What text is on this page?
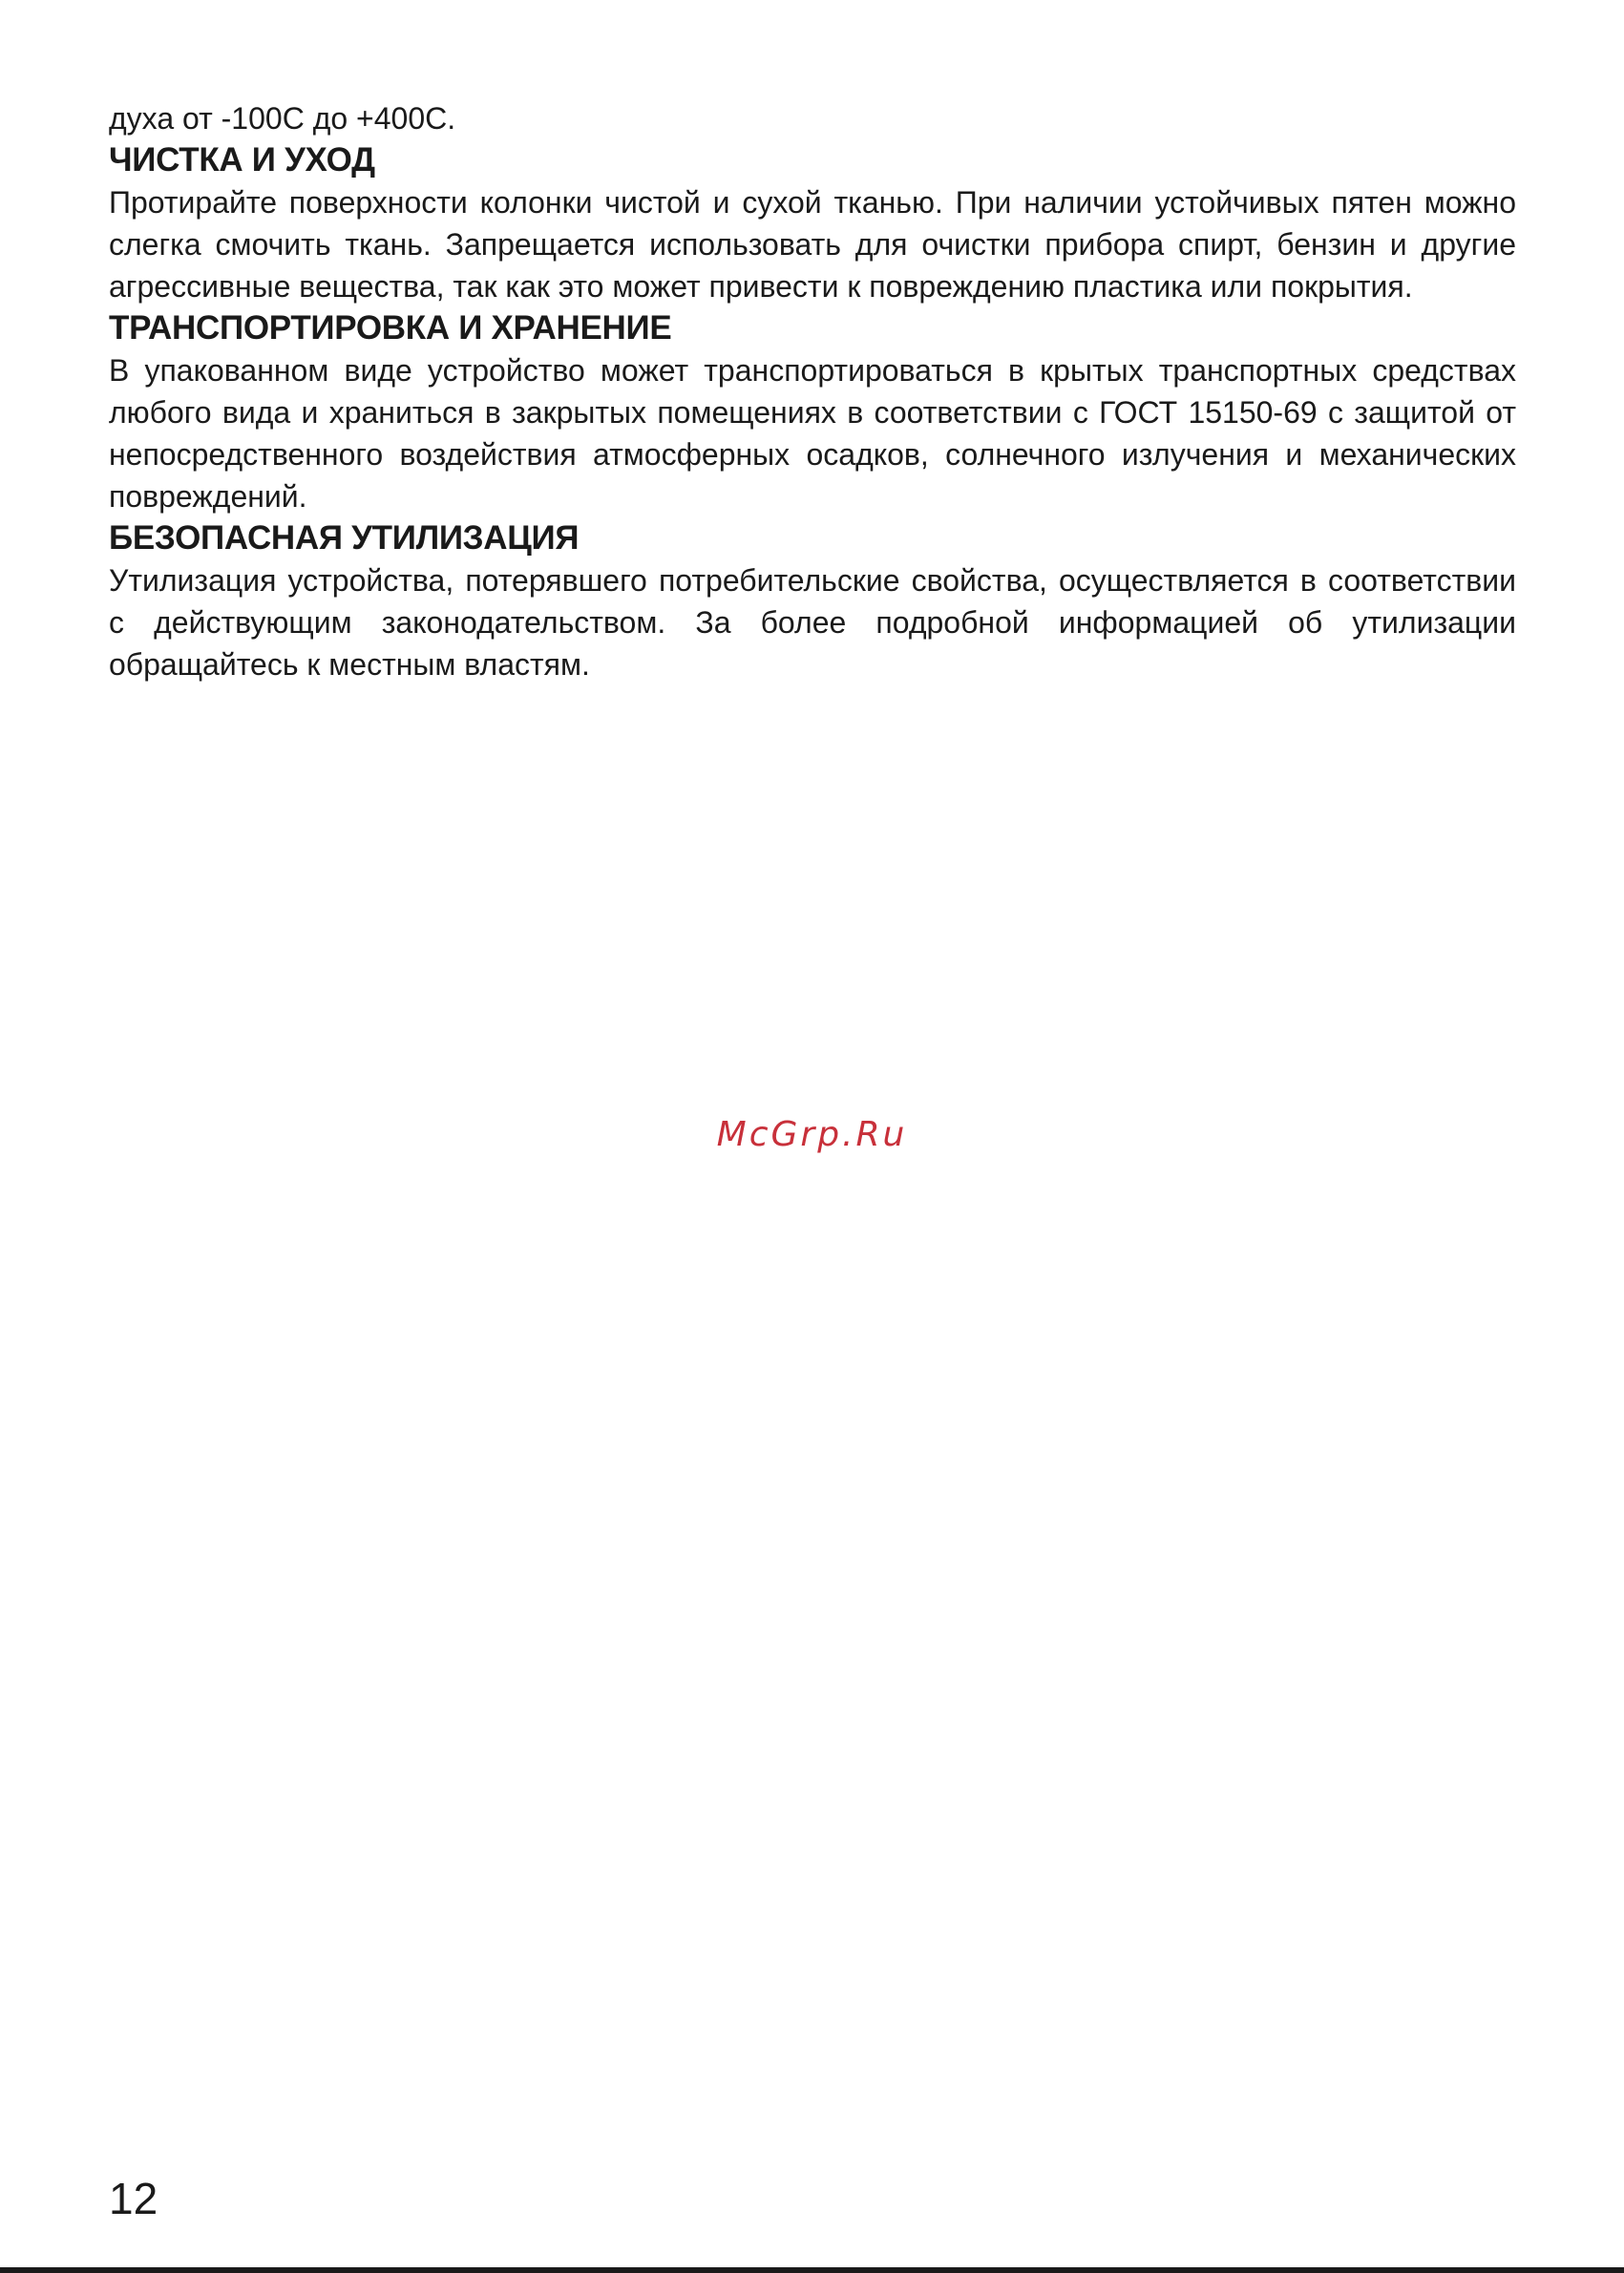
духа от -100С до +400С.

ЧИСТКА И УХОД

Протирайте поверхности колонки чистой и сухой тканью. При наличии устойчивых пятен можно слегка смочить ткань. Запрещается использовать для очистки прибора спирт, бензин и другие агрессивные вещества, так как это может привести к повреждению пластика или покрытия.

ТРАНСПОРТИРОВКА И ХРАНЕНИЕ

В упакованном виде устройство может транспортироваться в крытых транспортных средствах любого вида и храниться в закрытых помещениях в соответствии с ГОСТ 15150-69 с защитой от непосредственного воздействия атмосферных осадков, солнечного излучения и механических повреждений.

БЕЗОПАСНАЯ УТИЛИЗАЦИЯ

Утилизация устройства, потерявшего потребительские свойства, осуществляется в соответствии с действующим законодательством. За более подробной информацией об утилизации обращайтесь к местным властям.

McGrp.Ru
12
